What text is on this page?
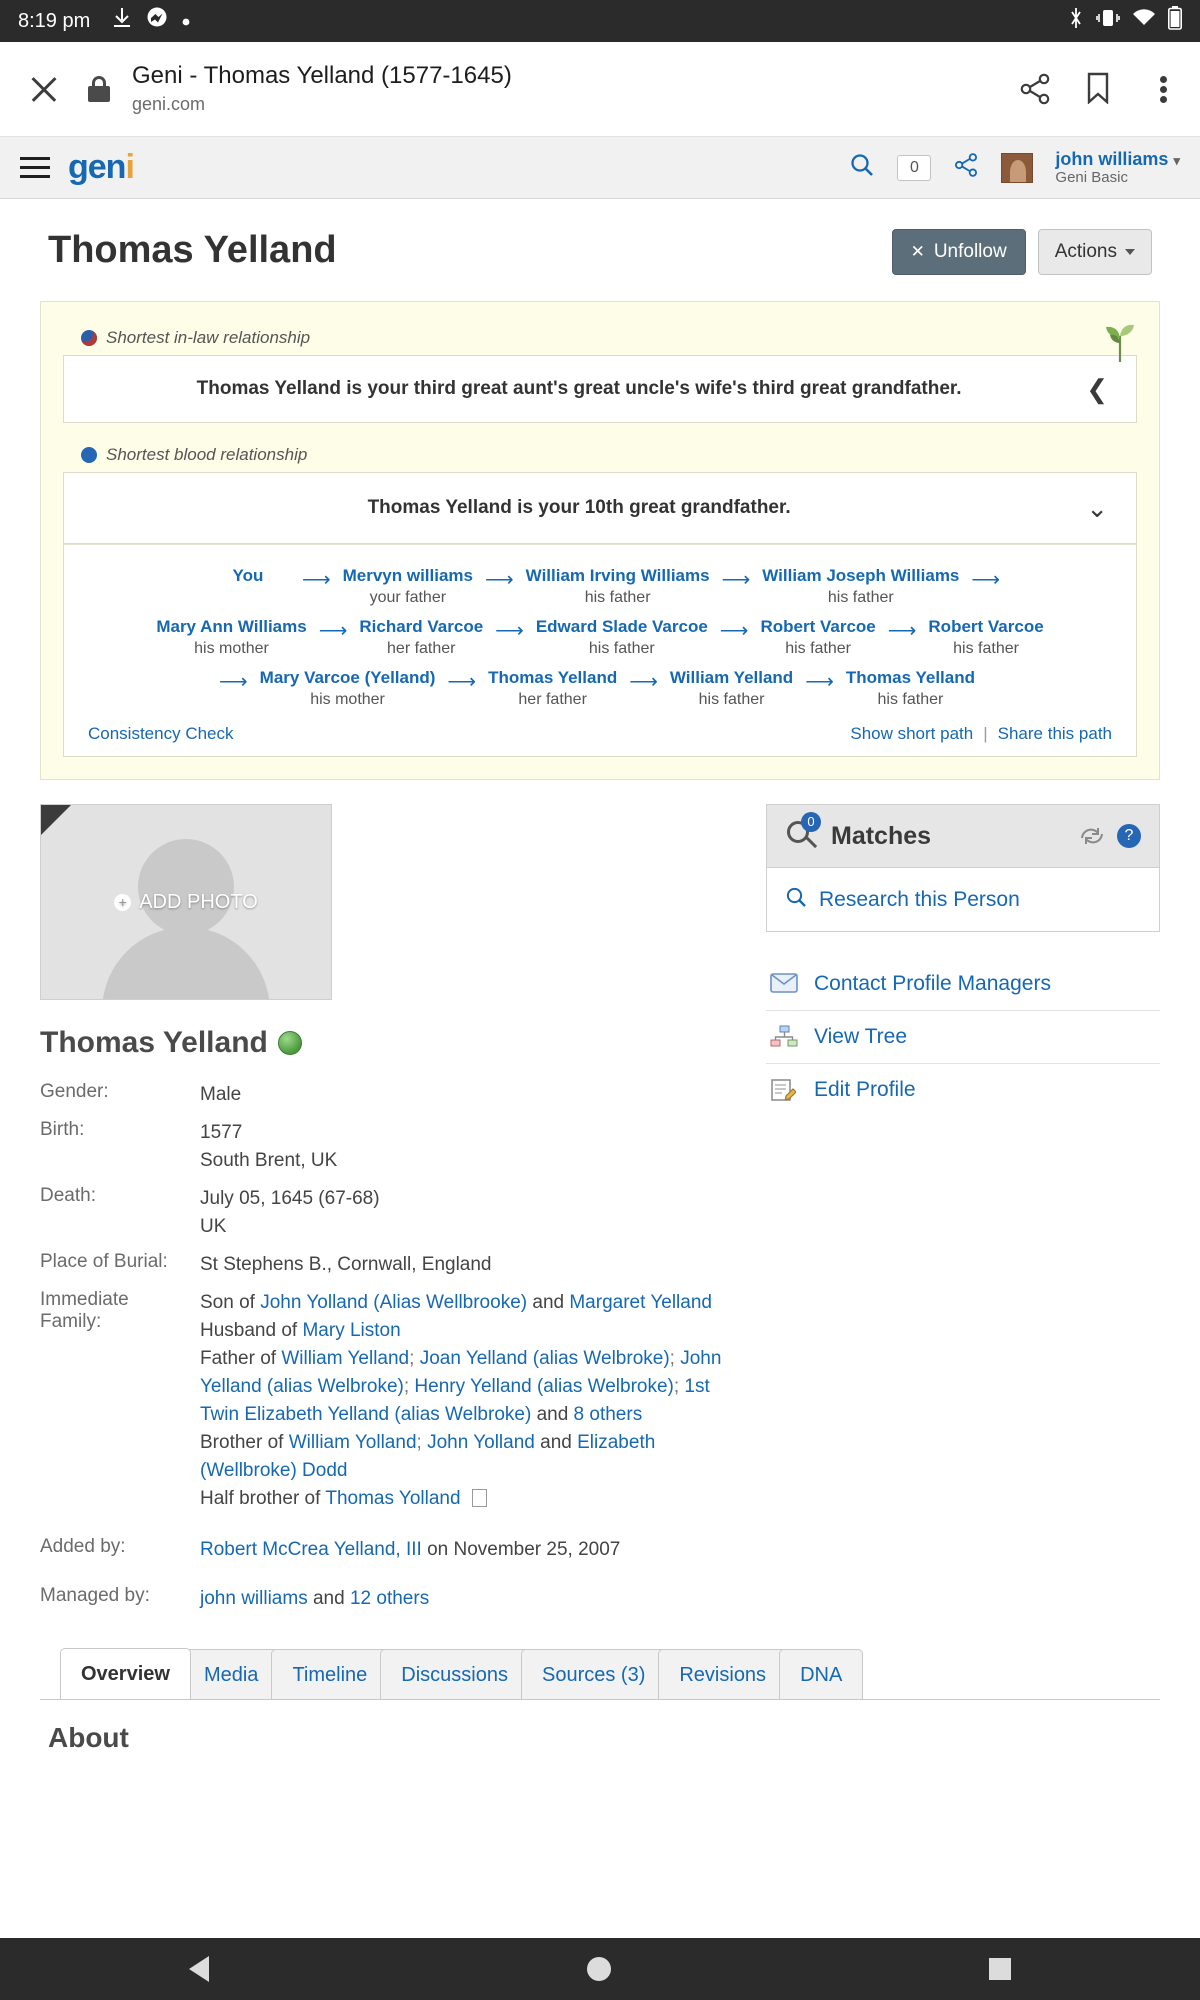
8:19 pm
Geni - Thomas Yelland (1577-1645)
geni.com
geni	0	john williams ▾
Geni Basic
Thomas Yelland	✕ Unfollow	Actions
Shortest in-law relationship
Thomas Yelland is your third great aunt's great uncle's wife's third great grandfather.	❮
Shortest blood relationship
Thomas Yelland is your 10th great grandfather.	⌄
You	⟶ Mervyn williams
your father
⟶ William Irving Williams
his father
⟶ William Joseph Williams
his father
⟶
Mary Ann Williams
his mother
⟶ Richard Varcoe
her father
⟶ Edward Slade Varcoe
his father
⟶ Robert Varcoe
his father
⟶ Robert Varcoe
his father
⟶ Mary Varcoe (Yelland)
his mother
⟶ Thomas Yelland
her father
⟶ William Yelland
his father
⟶ Thomas Yelland
his father
Consistency Check	Show short path | Share this path
+ ADD PHOTO
Thomas Yelland
Gender:	Male
Birth:	1577
South Brent, UK

Death:	July 05, 1645 (67-68)
UK

Place of Burial:	St Stephens B., Cornwall, England
Immediate Family:	Son of John Yolland (Alias Wellbrooke) and Margaret Yelland
Husband of Mary Liston
Father of William Yelland; Joan Yelland (alias Welbroke); John Yelland (alias Welbroke); Henry Yelland (alias Welbroke); 1st Twin Elizabeth Yelland (alias Welbroke) and 8 others
Brother of William Yolland; John Yolland and Elizabeth (Wellbroke) Dodd
Half brother of Thomas Yolland

Added by:	Robert McCrea Yelland, III on November 25, 2007
Managed by:	john williams and 12 others
0 Matches	?
Research this Person
Contact Profile Managers
View Tree
Edit Profile
Overview	Media	Timeline	Discussions	Sources (3)	Revisions	DNA
About
